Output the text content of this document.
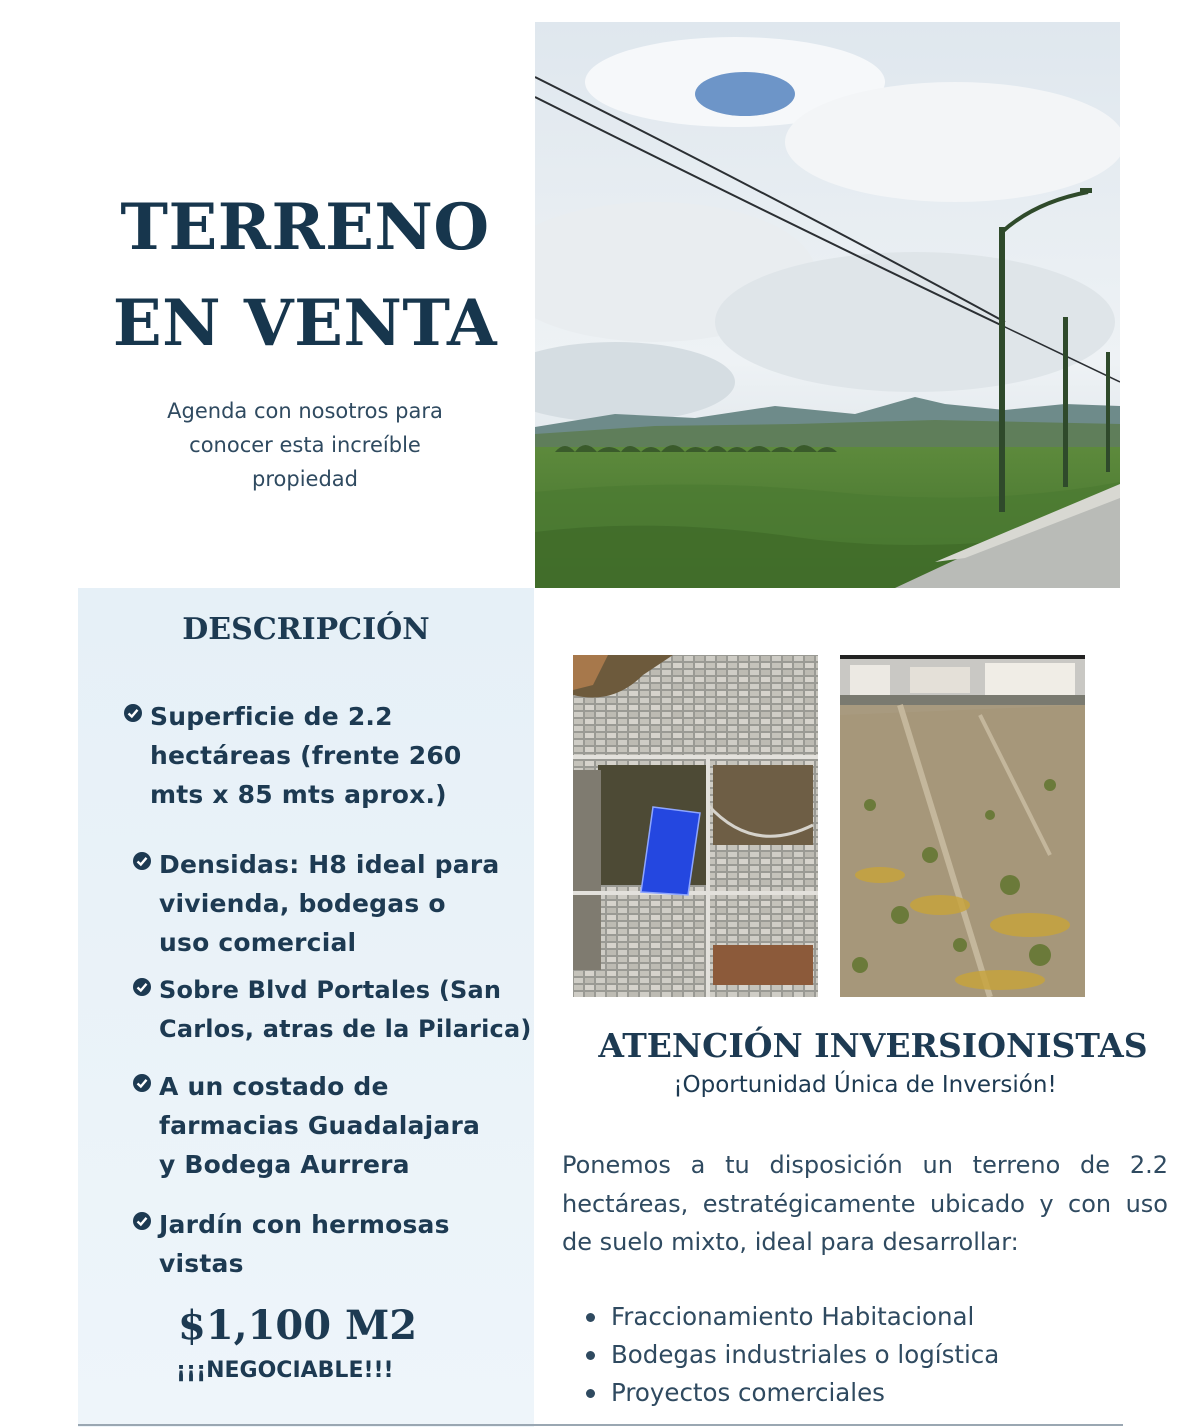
TERRENO
EN VENTA
Agenda con nosotros para
conocer esta increíble
propiedad
DESCRIPCIÓN
Superficie de 2.2
hectáreas (frente 260
mts x 85 mts aprox.)
Densidas: H8 ideal para
vivienda, bodegas o
uso comercial
Sobre Blvd Portales (San
Carlos, atras de la Pilarica)
A un costado de
farmacias Guadalajara
y Bodega Aurrera
Jardín con hermosas
vistas
$1,100 M2
¡¡¡NEGOCIABLE!!!
ATENCIÓN INVERSIONISTAS
¡Oportunidad Única de Inversión!
Ponemos a tu disposición un terreno de 2.2 hectáreas, estratégicamente ubicado y con uso de suelo mixto, ideal para desarrollar:
Fraccionamiento Habitacional
Bodegas industriales o logística
Proyectos comerciales
